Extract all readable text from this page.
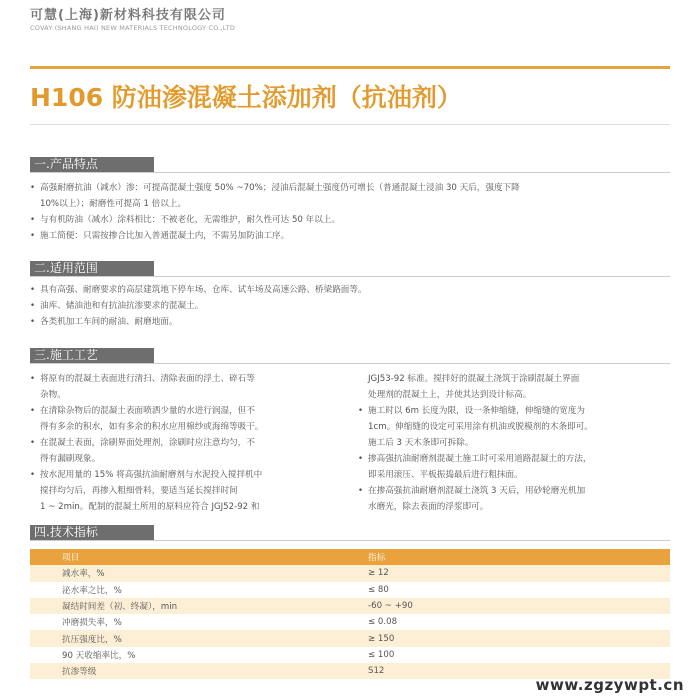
可慧(上海)新材料科技有限公司
COVAY (SHANG HAI) NEW MATERIALS TECHNOLOGY CO.,LTD
H106 防油渗混凝土添加剂（抗油剂）
一.产品特点
• 高强耐磨抗油（减水）渗：可提高混凝土强度 50% ~70%；浸油后混凝土强度仍可增长（普通混凝土浸油 30 天后，强度下降
10%以上）；耐磨性可提高 1 倍以上。
• 与有机防油（减水）涂料相比：不被老化，无需维护，耐久性可达 50 年以上。
• 施工简便：只需按掺合比加入普通混凝土内，不需另加防油工序。
二.适用范围
• 具有高强、耐磨要求的高层建筑地下停车场、仓库、试车场及高速公路、桥梁路面等。
• 油库、储油池和有抗油抗渗要求的混凝土。
• 各类机加工车间的耐油、耐磨地面。
三.施工工艺
• 将原有的混凝土表面进行清扫、清除表面的浮土、碎石等
杂物。
• 在清除杂物后的混凝土表面喷洒少量的水进行润湿，但不
得有多余的积水，如有多余的积水应用棉纱或海绵等吸干。
• 在混凝土表面，涂刷界面处理剂，涂刷时应注意均匀，不
得有漏刷现象。
• 按水泥用量的 15% 将高强抗油耐磨剂与水泥投入搅拌机中
搅拌均匀后，再掺入粗细骨料，要适当延长搅拌时间
1 ~ 2min。配制的混凝土所用的原料应符合 JGJ52-92 和
JGJ53-92 标准。搅拌好的混凝土浇筑于涂刷混凝土界面
处理剂的混凝土上，并使其达到设计标高。
• 施工时以 6m 长度为限，设一条伸缩缝，伸缩缝的宽度为
1cm。伸缩缝的设定可采用涂有机油或脱模剂的木条即可。
施工后 3 天木条即可拆除。
• 掺高强抗油耐磨剂混凝土施工时可采用道路混凝土的方法，
即采用滚压、平板振捣最后进行粗抹面。
• 在掺高强抗油耐磨剂混凝土浇筑 3 天后，用砂轮磨光机加
水磨光，除去表面的浮浆即可。
四.技术指标
项目	指标
减水率，%	≥ 12
泌水率之比，%	≤ 80
凝结时间差（初、终凝），min	-60 ~ +90
冲磨损失率，%	≤ 0.08
抗压强度比，%	≥ 150
90 天收缩率比，%	≤ 100
抗渗等级	S12
www.zgzywpt.cn
